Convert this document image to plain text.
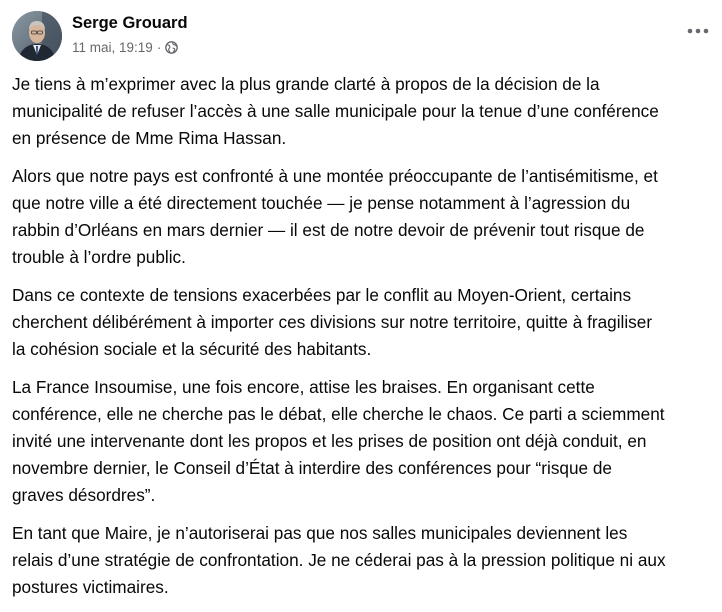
Serge Grouard
11 mai, 19:19 ·

Je tiens à m’exprimer avec la plus grande clarté à propos de la décision de la
municipalité de refuser l’accès à une salle municipale pour la tenue d’une conférence
en présence de Mme Rima Hassan.

Alors que notre pays est confronté à une montée préoccupante de l’antisémitisme, et
que notre ville a été directement touchée — je pense notamment à l’agression du
rabbin d’Orléans en mars dernier — il est de notre devoir de prévenir tout risque de
trouble à l’ordre public.

Dans ce contexte de tensions exacerbées par le conflit au Moyen-Orient, certains
cherchent délibérément à importer ces divisions sur notre territoire, quitte à fragiliser
la cohésion sociale et la sécurité des habitants.

La France Insoumise, une fois encore, attise les braises. En organisant cette
conférence, elle ne cherche pas le débat, elle cherche le chaos. Ce parti a sciemment
invité une intervenante dont les propos et les prises de position ont déjà conduit, en
novembre dernier, le Conseil d’État à interdire des conférences pour “risque de
graves désordres”.

En tant que Maire, je n’autoriserai pas que nos salles municipales deviennent les
relais d’une stratégie de confrontation. Je ne céderai pas à la pression politique ni aux
postures victimaires.
